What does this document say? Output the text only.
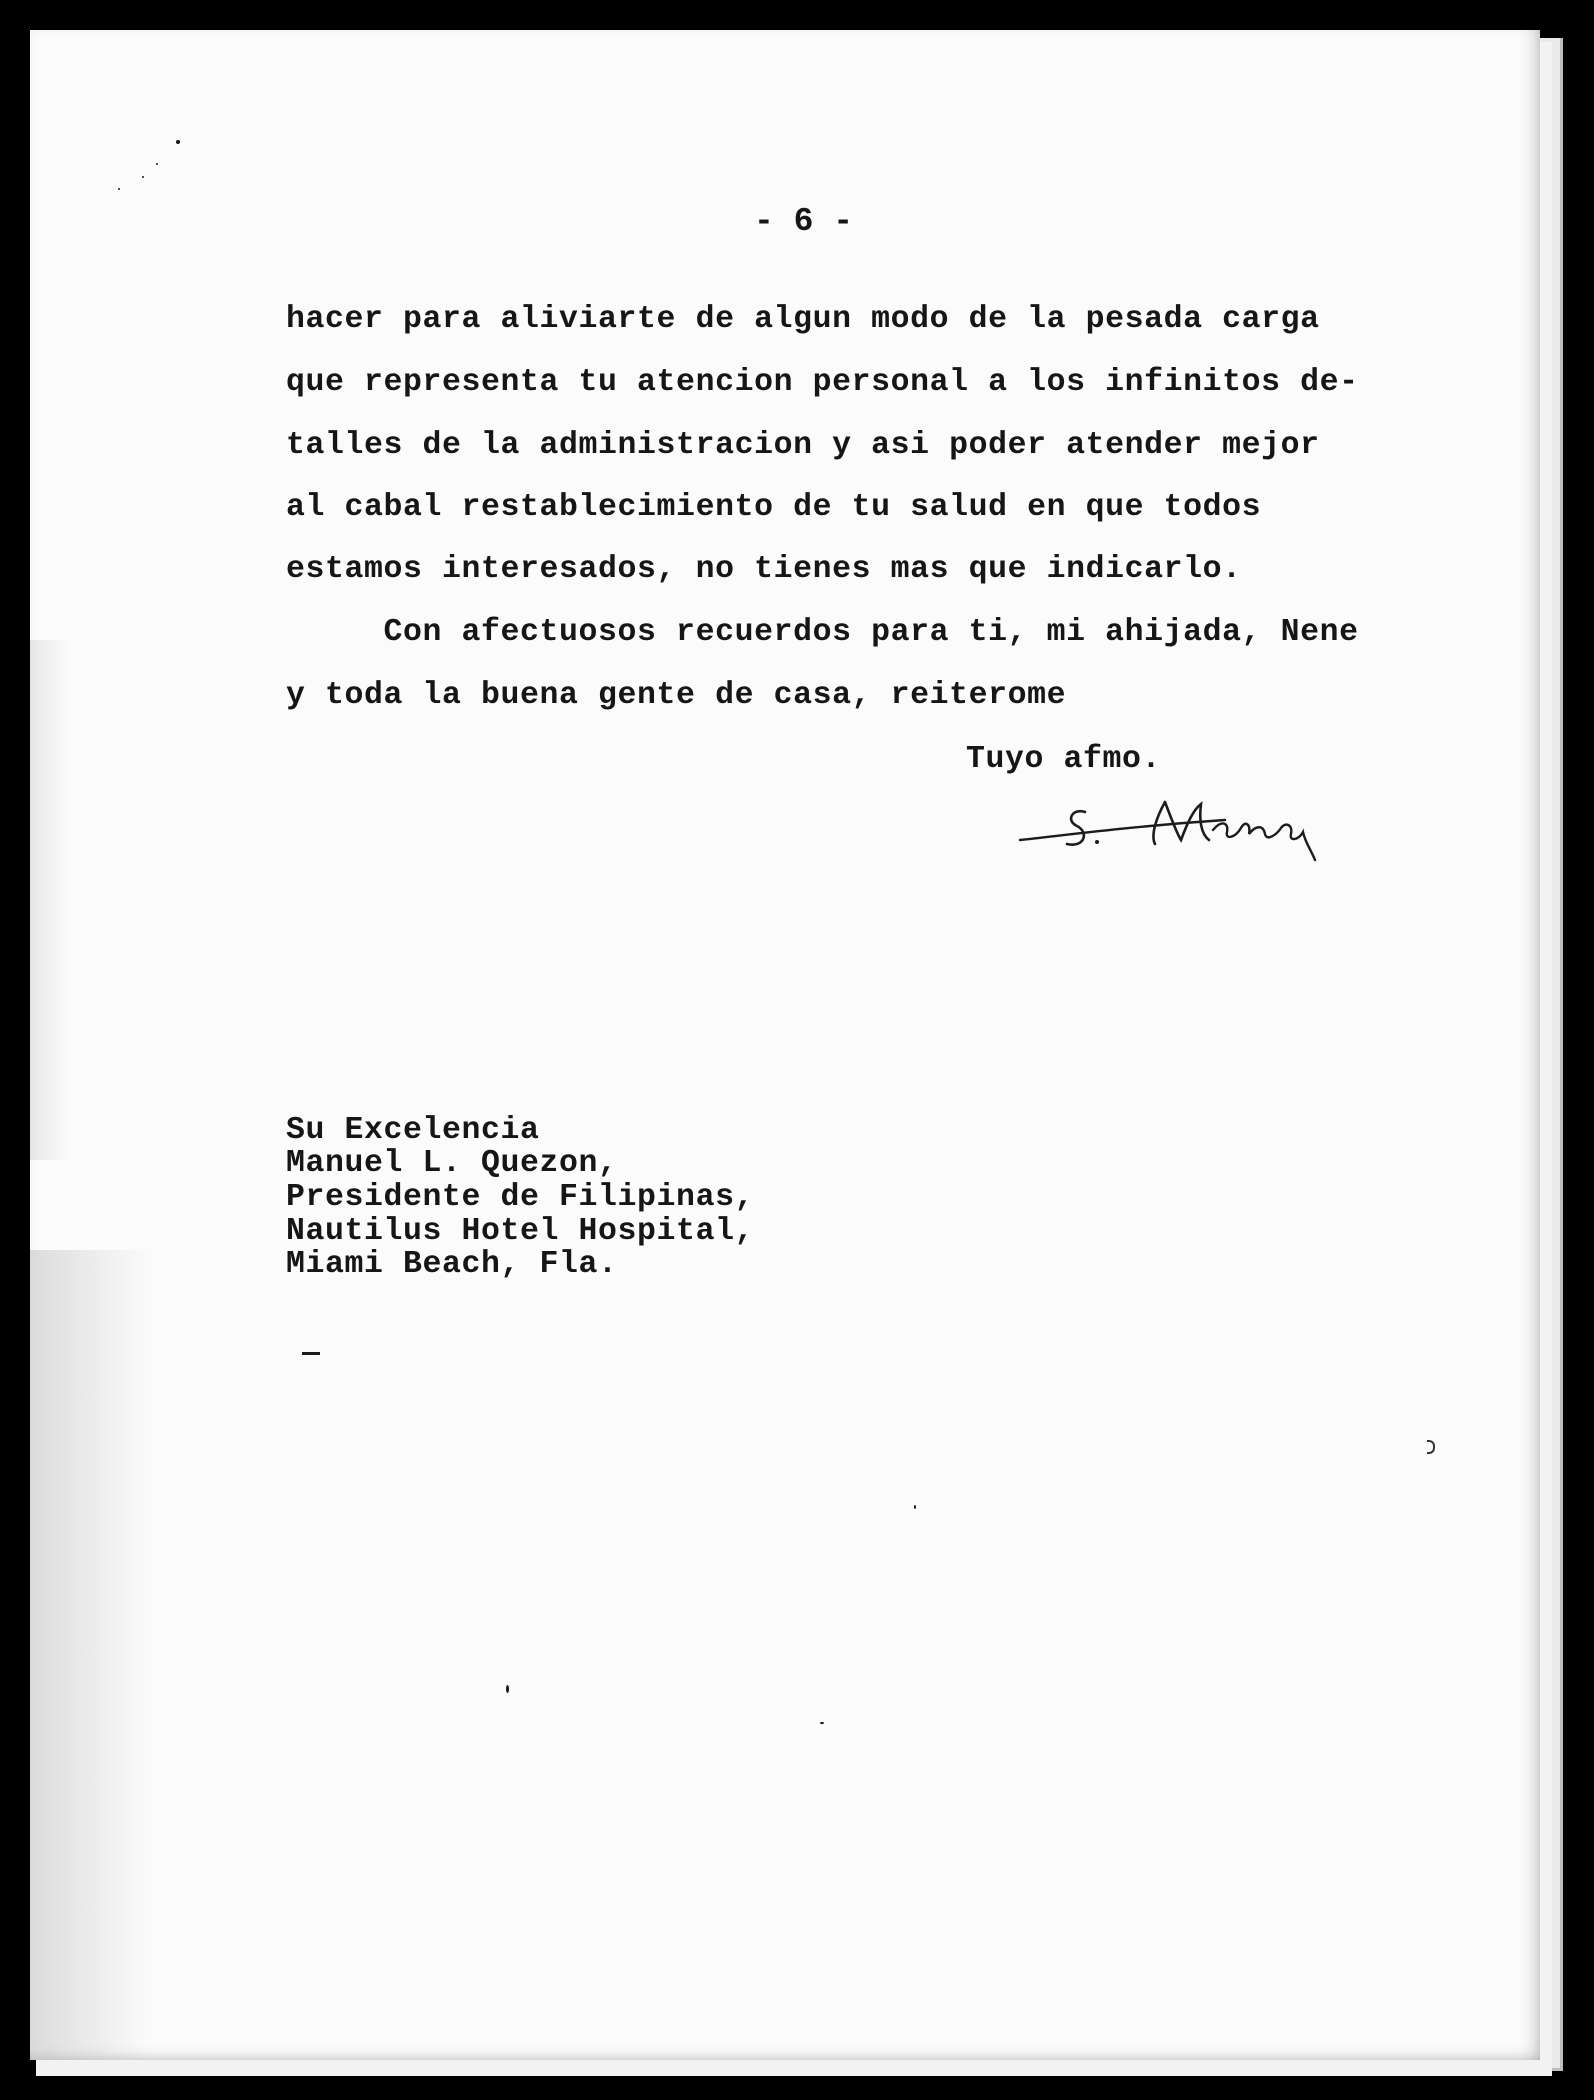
- 6 -

hacer para aliviarte de algun modo de la pesada carga

que representa tu atencion personal a los infinitos de-

talles de la administracion y asi poder atender mejor

al cabal restablecimiento de tu salud en que todos

estamos interesados, no tienes mas que indicarlo.

Con afectuosos recuerdos para ti, mi ahijada, Nene

y toda la buena gente de casa, reiterome

Tuyo afmo.

Su Excelencia

Manuel L. Quezon,

Presidente de Filipinas,

Nautilus Hotel Hospital,

Miami Beach, Fla.
